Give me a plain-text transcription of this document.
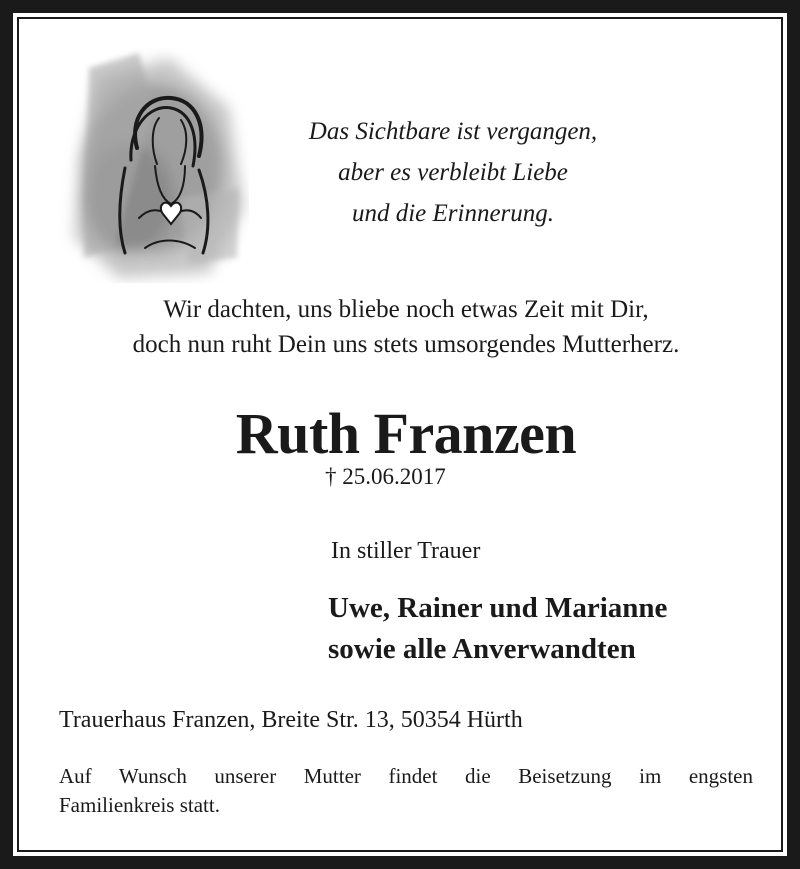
Das Sichtbare ist vergangen,
aber es verbleibt Liebe
und die Erinnerung.
Wir dachten, uns bliebe noch etwas Zeit mit Dir,
doch nun ruht Dein uns stets umsorgendes Mutterherz.
Ruth Franzen
† 25.06.2017
In stiller Trauer
Uwe, Rainer und Marianne
sowie alle Anverwandten
Trauerhaus Franzen, Breite Str. 13, 50354 Hürth
Auf Wunsch unserer Mutter findet die Beisetzung im engsten
Familienkreis statt.
